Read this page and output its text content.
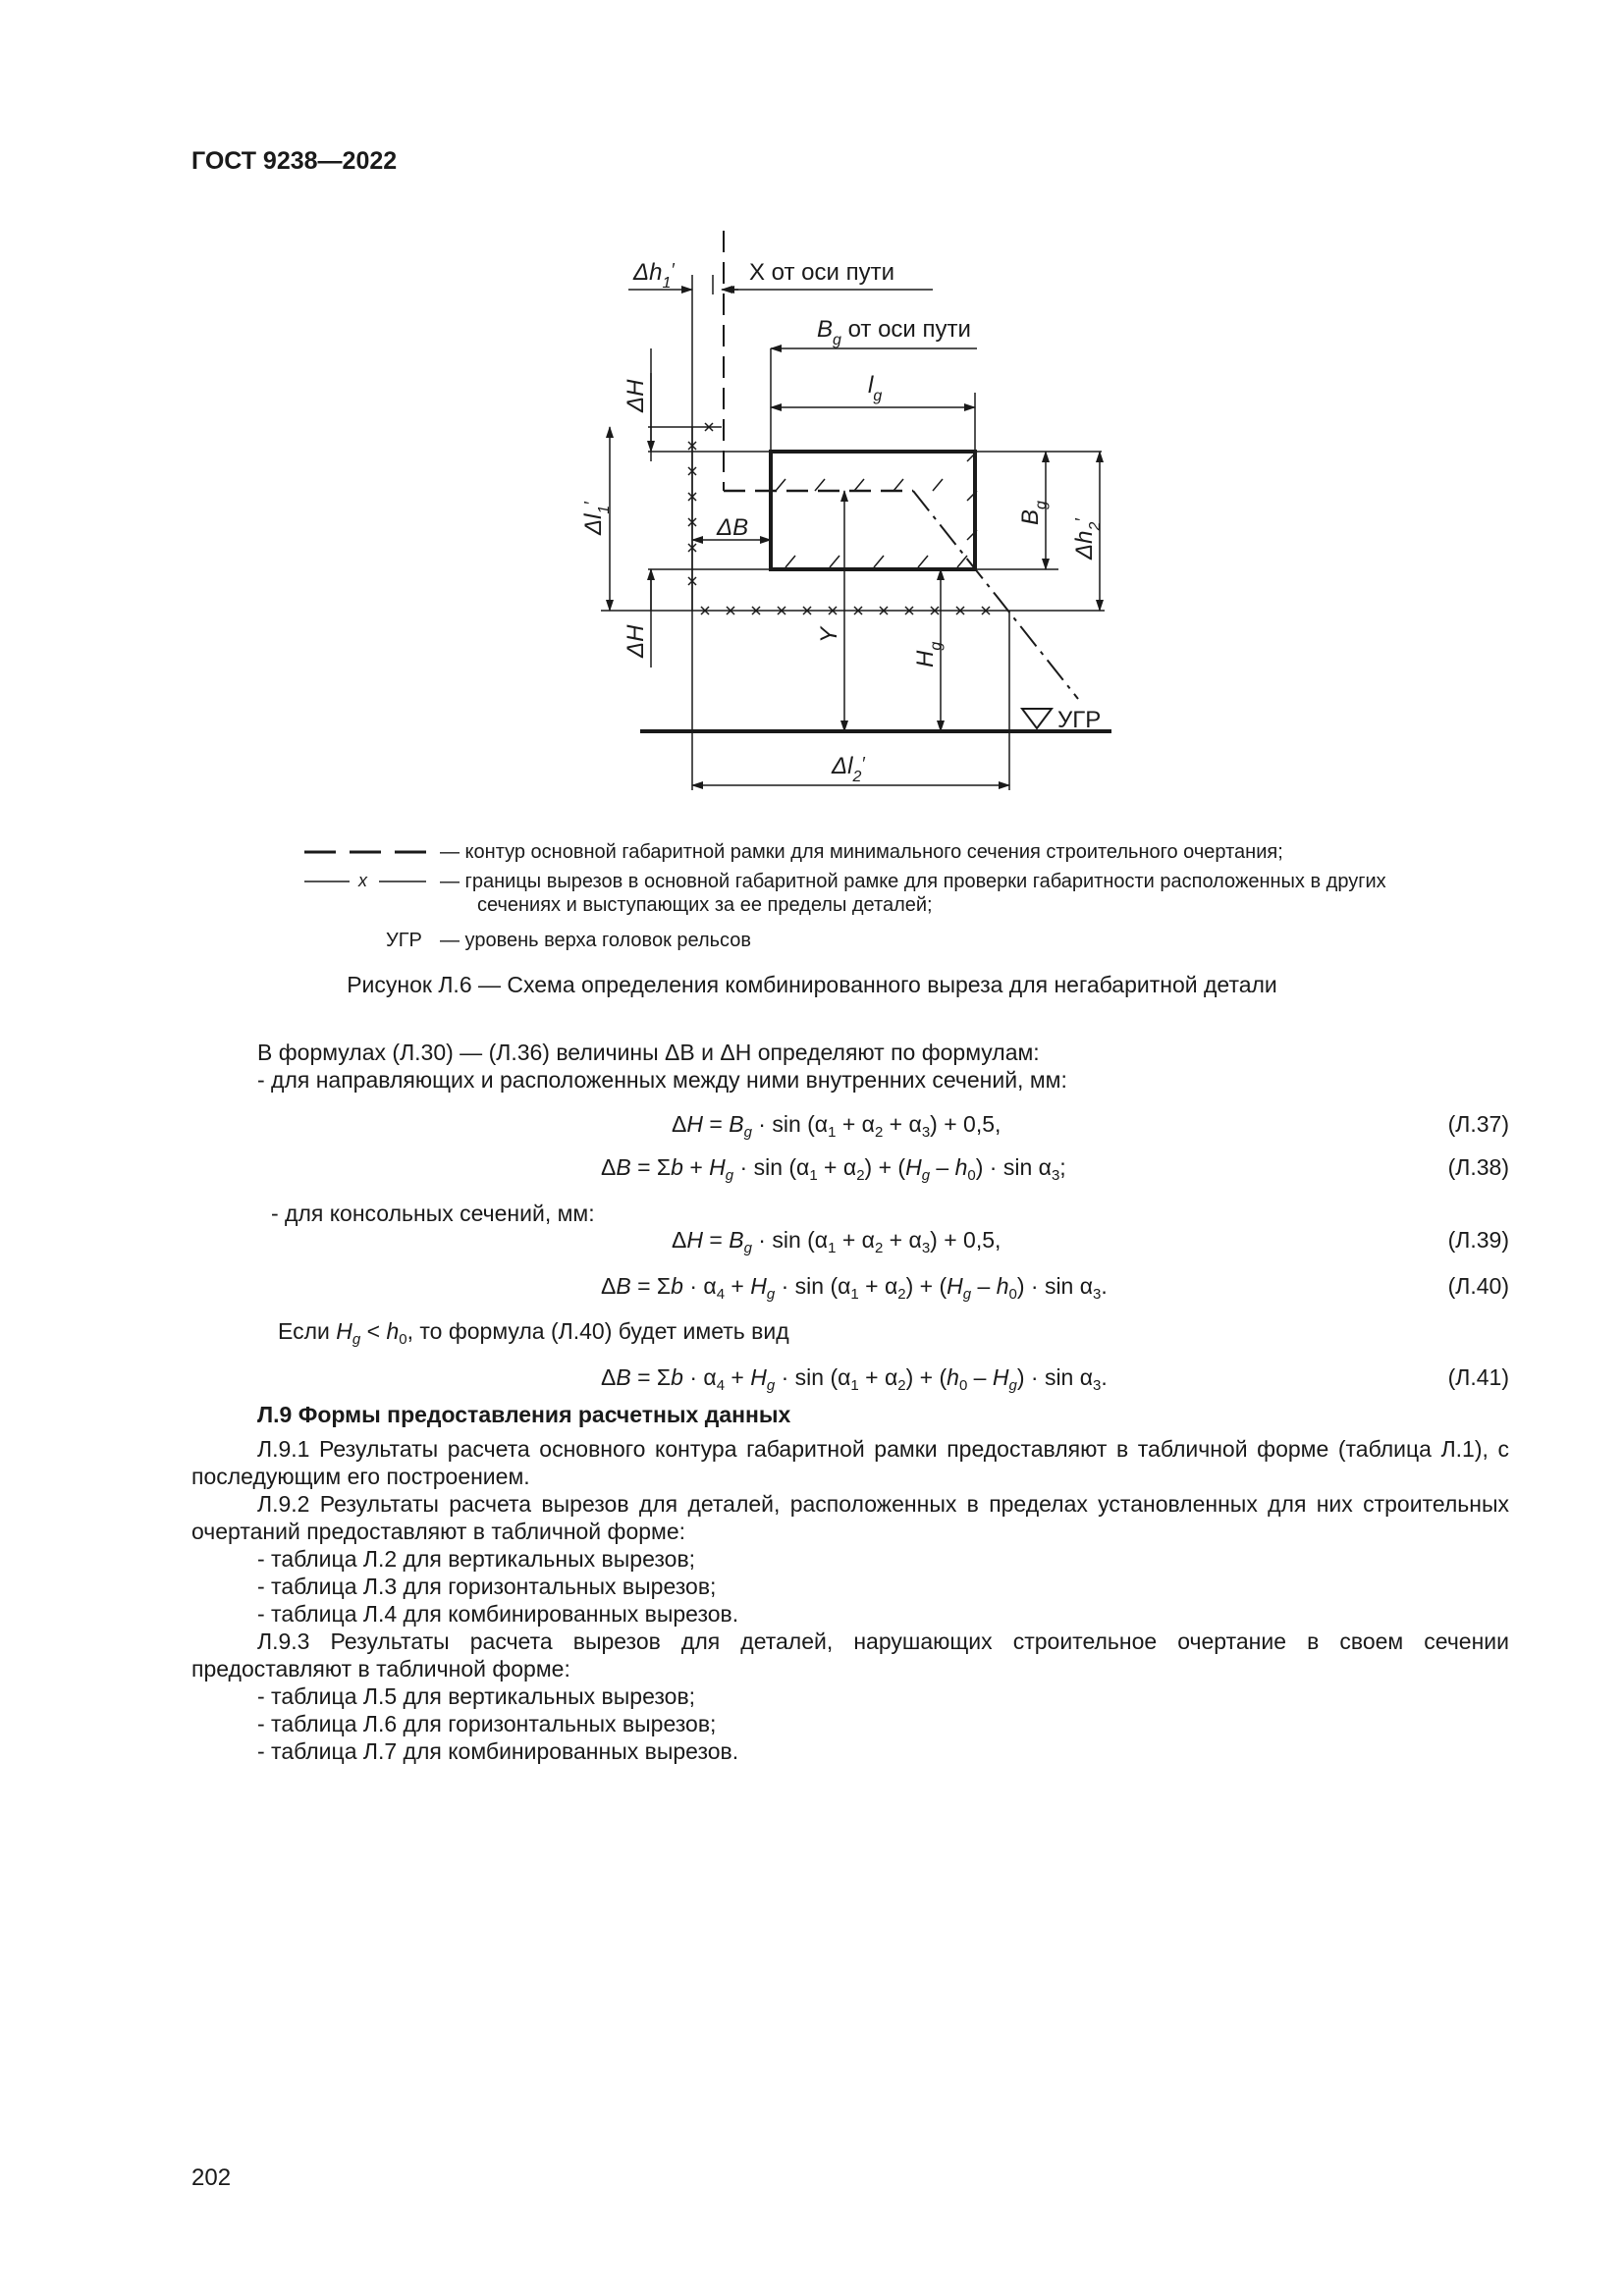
ГОСТ 9238—2022
$\Delta h_1'$	X от оси пути
$B_g$ от оси пути
$l_g$
ΔB
ΔH
ΔH
$\Delta l_1'$
$B_g$
$\Delta h_2'$
Y
$H_g$
$\Delta l_2'$
УГР
x
— контур основной габаритной рамки для минимального сечения строительного очертания;
— границы вырезов в основной габаритной рамке для проверки габаритности расположенных в других сечениях и выступающих за ее пределы деталей;
УГР — уровень верха головок рельсов
Рисунок Л.6 — Схема определения комбинированного выреза для негабаритной детали
В формулах (Л.30) — (Л.36) величины ΔB и ΔH определяют по формулам:
- для направляющих и расположенных между ними внутренних сечений, мм:
$\Delta H = B_g \cdot \sin (\alpha_1 + \alpha_2 + \alpha_3) + 0,5$,	(Л.37)
$\Delta B = \Sigma b + H_g \cdot \sin (\alpha_1 + \alpha_2) + (H_g - h_0) \cdot \sin \alpha_3$;	(Л.38)
- для консольных сечений, мм:
$\Delta H = B_g \cdot \sin (\alpha_1 + \alpha_2 + \alpha_3) + 0,5$,	(Л.39)
$\Delta B = \Sigma b \cdot \alpha_4 + H_g \cdot \sin (\alpha_1 + \alpha_2) + (H_g - h_0) \cdot \sin \alpha_3$.	(Л.40)
Если $H_g < h_0$, то формула (Л.40) будет иметь вид
$\Delta B = \Sigma b \cdot \alpha_4 + H_g \cdot \sin (\alpha_1 + \alpha_2) + (h_0 - H_g) \cdot \sin \alpha_3$.	(Л.41)
Л.9 Формы предоставления расчетных данных
Л.9.1 Результаты расчета основного контура габаритной рамки предоставляют в табличной форме (таблица Л.1), с последующим его построением.
Л.9.2 Результаты расчета вырезов для деталей, расположенных в пределах установленных для них строительных очертаний предоставляют в табличной форме:
- таблица Л.2 для вертикальных вырезов;
- таблица Л.3 для горизонтальных вырезов;
- таблица Л.4 для комбинированных вырезов.
Л.9.3 Результаты расчета вырезов для деталей, нарушающих строительное очертание в своем сечении предоставляют в табличной форме:
- таблица Л.5 для вертикальных вырезов;
- таблица Л.6 для горизонтальных вырезов;
- таблица Л.7 для комбинированных вырезов.
202
